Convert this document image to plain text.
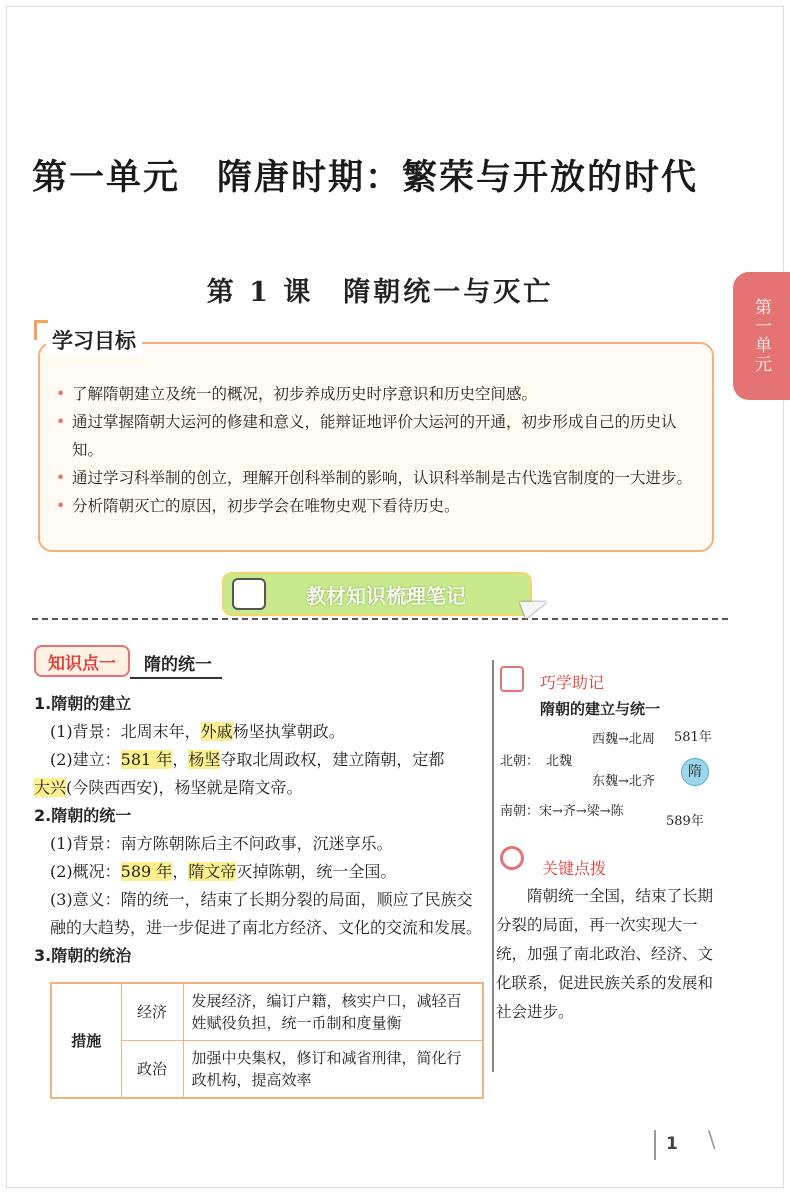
第一单元　隋唐时期：繁荣与开放的时代
第 1 课　隋朝统一与灭亡
第一单元
学习目标
• 了解隋朝建立及统一的概况，初步养成历史时序意识和历史空间感。
• 通过掌握隋朝大运河的修建和意义，能辩证地评价大运河的开通，初步形成自己的历史认知。
• 通过学习科举制的创立，理解开创科举制的影响，认识科举制是古代选官制度的一大进步。
• 分析隋朝灭亡的原因，初步学会在唯物史观下看待历史。
教材知识梳理笔记
知识点一	隋的统一
1.隋朝的建立
(1)背景：北周末年，外戚杨坚执掌朝政。
(2)建立：581 年，杨坚夺取北周政权，建立隋朝，定都
大兴(今陕西西安)，杨坚就是隋文帝。
2.隋朝的统一
(1)背景：南方陈朝陈后主不问政事，沉迷享乐。
(2)概况：589 年，隋文帝灭掉陈朝，统一全国。
(3)意义：隋的统一，结束了长期分裂的局面，顺应了民族交融的大趋势，进一步促进了南北方经济、文化的交流和发展。
3.隋朝的统治
措施	经济	发展经济，编订户籍，核实户口，减轻百姓赋役负担，统一币制和度量衡
	政治	加强中央集权，修订和减省刑律，简化行政机构，提高效率
巧学助记
隋朝的建立与统一
北朝： 北魏
西魏→北周
东魏→北齐
581年
隋
南朝：宋→齐→梁→陈
589年
关键点拨
隋朝统一全国，结束了长期分裂的局面，再一次实现大一统，加强了南北政治、经济、文化联系，促进民族关系的发展和社会进步。
1 \
